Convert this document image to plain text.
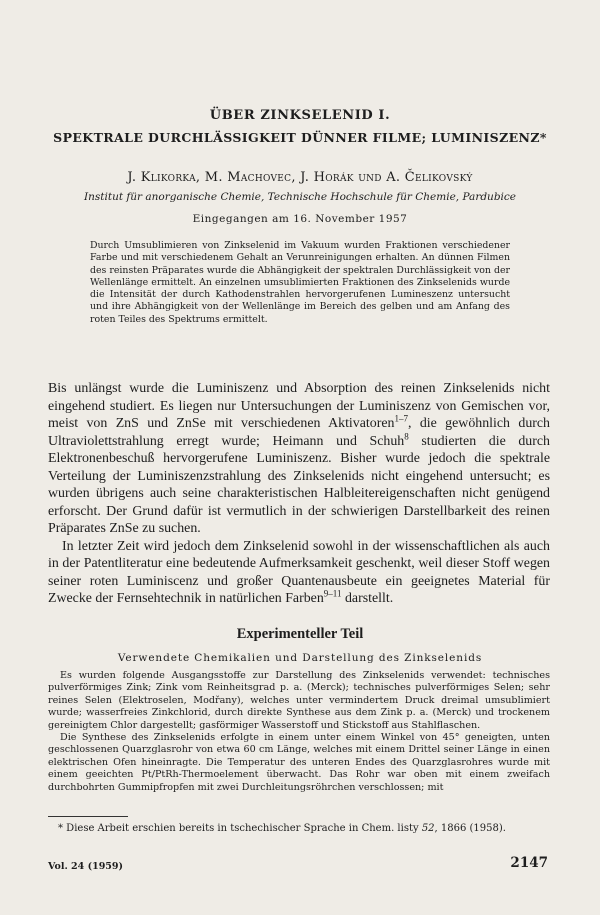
ÜBER ZINKSELENID I.

SPEKTRALE DURCHLÄSSIGKEIT DÜNNER FILME; LUMINISZENZ*

J. Klikorka, M. Machovec, J. Horák und A. Čelikovský

Institut für anorganische Chemie, Technische Hochschule für Chemie, Pardubice

Eingegangen am 16. November 1957

Durch Umsublimieren von Zinkselenid im Vakuum wurden Fraktionen verschiedener Farbe und mit verschiedenem Gehalt an Verunreinigungen erhalten. An dünnen Filmen des reinsten Präparates wurde die Abhängigkeit der spektralen Durchlässigkeit von der Wellenlänge ermittelt. An einzelnen umsublimierten Fraktionen des Zinkselenids wurde die Intensität der durch Kathodenstrahlen hervorgerufenen Lumineszenz untersucht und ihre Abhängigkeit von der Wellenlänge im Bereich des gelben und am Anfang des roten Teiles des Spektrums ermittelt.

Bis unlängst wurde die Luminiszenz und Absorption des reinen Zinkselenids nicht eingehend studiert. Es liegen nur Untersuchungen der Luminiszenz von Gemischen vor, meist von ZnS und ZnSe mit verschiedenen Aktivatoren$^{1-7}$, die gewöhnlich durch Ultraviolettstrahlung erregt wurde; Heimann und Schuh$^8$ studierten die durch Elektronenbeschuß hervorgerufene Luminiszenz. Bisher wurde jedoch die spektrale Verteilung der Luminiszenzstrahlung des Zinkselenids nicht eingehend untersucht; es wurden übrigens auch seine charakteristischen Halbleitereigenschaften nicht genügend erforscht. Der Grund dafür ist vermutlich in der schwierigen Darstellbarkeit des reinen Präparates ZnSe zu suchen.

In letzter Zeit wird jedoch dem Zinkselenid sowohl in der wissenschaftlichen als auch in der Patentliteratur eine bedeutende Aufmerksamkeit geschenkt, weil dieser Stoff wegen seiner roten Luminiscenz und großer Quantenausbeute ein geeignetes Material für Zwecke der Fernsehtechnik in natürlichen Farben$^{9-11}$ darstellt.

Experimenteller Teil

Verwendete Chemikalien und Darstellung des Zinkselenids

Es wurden folgende Ausgangsstoffe zur Darstellung des Zinkselenids verwendet: technisches pulverförmiges Zink; Zink vom Reinheitsgrad p. a. (Merck); technisches pulverförmiges Selen; sehr reines Selen (Elektroselen, Modřany), welches unter vermindertem Druck dreimal umsublimiert wurde; wasserfreies Zinkchlorid, durch direkte Synthese aus dem Zink p. a. (Merck) und trockenem gereinigtem Chlor dargestellt; gasförmiger Wasserstoff und Stickstoff aus Stahlflaschen.

Die Synthese des Zinkselenids erfolgte in einem unter einem Winkel von 45° geneigten, unten geschlossenen Quarzglasrohr von etwa 60 cm Länge, welches mit einem Drittel seiner Länge in einen elektrischen Ofen hineinragte. Die Temperatur des unteren Endes des Quarzglasrohres wurde mit einem geeichten Pt/PtRh-Thermoelement überwacht. Das Rohr war oben mit einem zweifach durchbohrten Gummipfropfen mit zwei Durchleitungsröhrchen verschlossen; mit

* Diese Arbeit erschien bereits in tschechischer Sprache in Chem. listy 52, 1866 (1958).

Vol. 24 (1959)	2147
